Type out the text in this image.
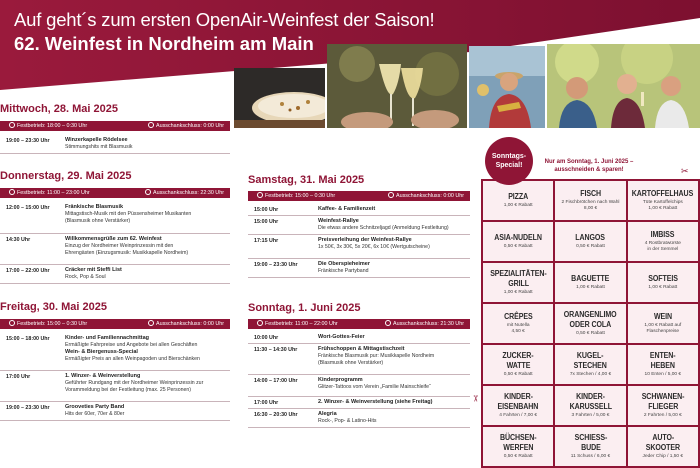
Auf geht´s zum ersten OpenAir-Weinfest der Saison!
62. Weinfest in Nordheim am Main
Mittwoch, 28. Mai 2025
Festbetrieb: 18:00 – 0:30 Uhr	Ausschankschluss: 0:00 Uhr
19:00 – 23:30 Uhr	Winzerkapelle Rödelsee
Stimmungshits mit Blasmusik
Donnerstag, 29. Mai 2025
Festbetrieb: 11:00 – 23:00 Uhr	Ausschankschluss: 22:30 Uhr
12:00 – 15:00 Uhr	Fränkische Blasmusik
Mittagstisch-Musik mit den Püssensheimer Musikanten
(Blasmusik ohne Verstärker)
14:30 Uhr	Willkommensgrüße zum 62. Weinfest
Einzug der Nordheimer Weinprinzessin mit den
Ehrengästen (Einzugsmusik: Musikkapelle Nordheim)
17:00 – 22:00 Uhr	Cräcker mit Steffi List
Rock, Pop & Soul
Freitag, 30. Mai 2025
Festbetrieb: 15:00 – 0:30 Uhr	Ausschankschluss: 0:00 Uhr
15:00 – 18:00 Uhr	Kinder- und Familiennachmittag
Ermäßigte Fahrpreise und Angebote bei allen Geschäften
Wein- & Biergenuss-Special
Ermäßigter Preis an allen Weinpagoden und Bierschänken
17:00 Uhr	1. Winzer- & Weinverstellung
Geführter Rundgang mit der Nordheimer Weinprinzessin zur
Vorammeldung bei der Festleitung (max. 25 Personen)
19:00 – 23:30 Uhr	Grooveties Party Band
Hits der 60er, 70er & 80er
Samstag, 31. Mai 2025
Festbetrieb: 15:00 – 0:30 Uhr	Ausschankschluss: 0:00 Uhr
15:00 Uhr	Kaffee- & Familienzeit
15:00 Uhr	Weinfest-Rallye
Die etwas andere Schnitzeljagd (Anmeldung Festleitung)
17:15 Uhr	Preisverleihung der Weinfest-Rallye
1x 50€, 3x 30€, 5x 20€, 6x 10€ (Wertgutscheine)
19:00 – 23:30 Uhr	Die Oberspieheimer
Fränkische Partyband
Sonntag, 1. Juni 2025
Festbetrieb: 11:00 – 22:00 Uhr	Ausschankschluss: 21:30 Uhr
10:00 Uhr	Wort-Gottes-Feier
11:30 – 14:30 Uhr	Frühschoppen & Mittagstischzeit
Fränkische Blasmusik pur: Musikkapelle Nordheim
(Blasmusik ohne Verstärker)
14:00 – 17:00 Uhr	Kinderprogramm
Glitzer-Tattoos vom Verein „Familie Mainschleife“
17:00 Uhr	2. Winzer- & Weinverstellung (siehe Freitag)
16:30 – 20:30 Uhr	Alegria
Rock-, Pop- & Latino-Hits
PIZZA
1,00 € Rabatt
FISCH
2 Fischbrötchen nach Wahl
8,00 €
KARTOFFELHAUS
Tüte Kartoffelchips
1,00 € Rabatt
ASIA-NUDELN
0,50 € Rabatt
LANGOS
0,50 € Rabatt
IMBISS
4 Rostbratwürste
in der Semmel
SPEZIALITÄTEN-
GRILL
1,00 € Rabatt
BAGUETTE
1,00 € Rabatt
SOFTEIS
1,00 € Rabatt
CRÊPES
mit Nutella
4,50 €
ORANGENLIMO
ODER COLA
0,50 € Rabatt
WEIN
1,00 € Rabatt auf
Flaschenpreise
ZUCKER-
WATTE
0,50 € Rabatt
KUGEL-
STECHEN
7x Stechen / 4,00 €
ENTEN-
HEBEN
10 Enten / 5,00 €
KINDER-
EISENBAHN
4 Fahrten / 7,00 €
KINDER-
KARUSSELL
3 Fahrten / 5,00 €
SCHWANEN-
FLIEGER
2 Fahrten / 5,00 €
BÜCHSEN-
WERFEN
0,50 € Rabatt
SCHIESS-
BUDE
11 Schuss / 6,00 €
AUTO-
SKOOTER
Jeder Chip / 1,50 €
Sonntags-
Special!	Nur am Sonntag, 1. Juni 2025 –
ausschneiden & sparen!	✂
✂
